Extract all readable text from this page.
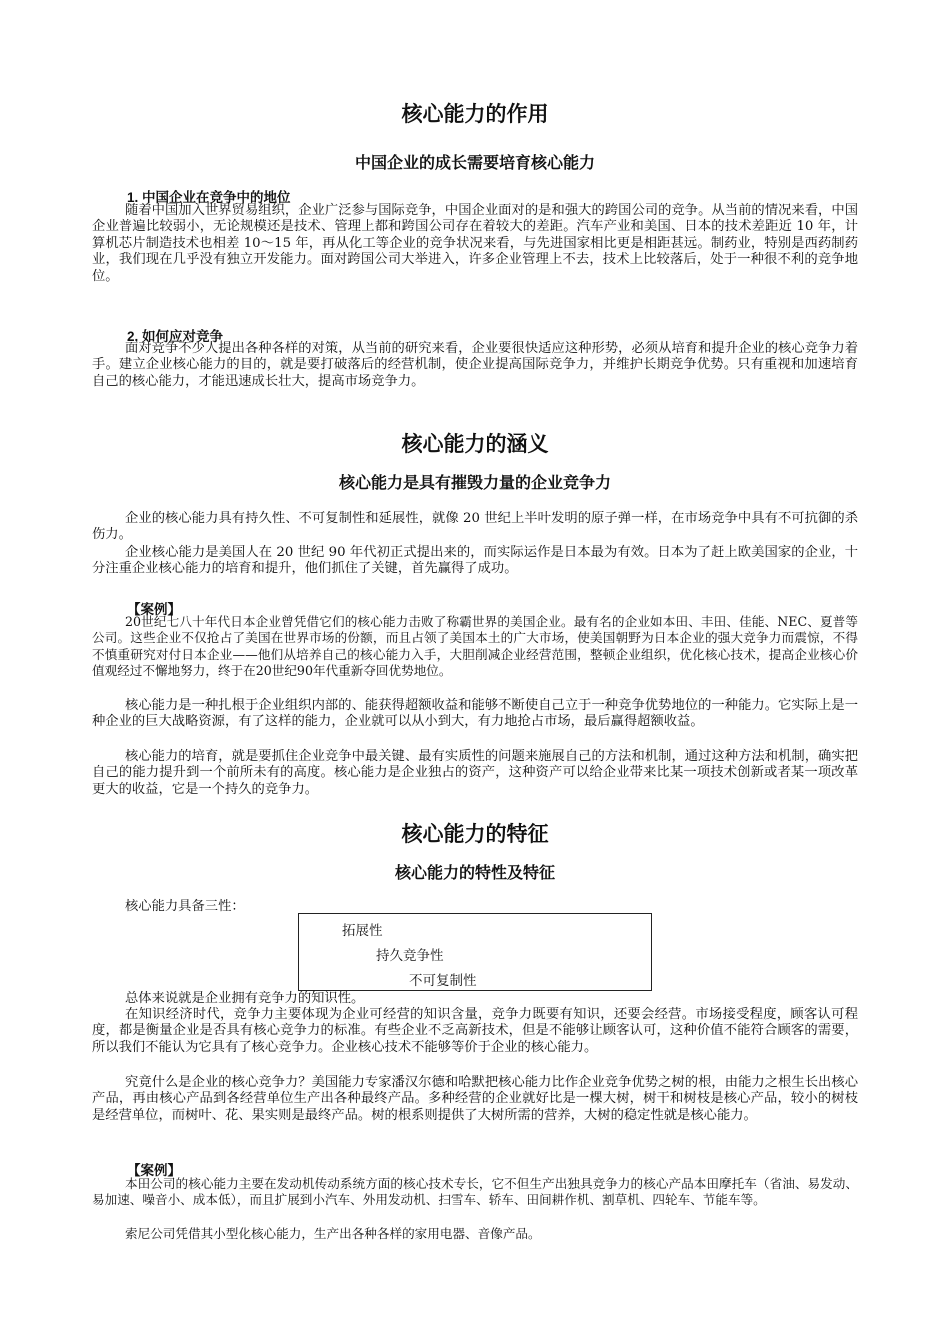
核心能力的作用
中国企业的成长需要培育核心能力
1. 中国企业在竞争中的地位

随着中国加入世界贸易组织，企业广泛参与国际竞争，中国企业面对的是和强大的跨国公司的竞争。从当前的情况来看，中国企业普遍比较弱小，无论规模还是技术、管理上都和跨国公司存在着较大的差距。汽车产业和美国、日本的技术差距近 10 年，计算机芯片制造技术也相差 10～15 年，再从化工等企业的竞争状况来看，与先进国家相比更是相距甚远。制药业，特别是西药制药业，我们现在几乎没有独立开发能力。面对跨国公司大举进入，许多企业管理上不去，技术上比较落后，处于一种很不利的竞争地位。

2. 如何应对竞争

面对竞争不少人提出各种各样的对策，从当前的研究来看，企业要很快适应这种形势，必须从培育和提升企业的核心竞争力着手。建立企业核心能力的目的，就是要打破落后的经营机制，使企业提高国际竞争力，并维护长期竞争优势。只有重视和加速培育自己的核心能力，才能迅速成长壮大，提高市场竞争力。

核心能力的涵义
核心能力是具有摧毁力量的企业竞争力

企业的核心能力具有持久性、不可复制性和延展性，就像 20 世纪上半叶发明的原子弹一样，在市场竞争中具有不可抗御的杀伤力。

企业核心能力是美国人在 20 世纪 90 年代初正式提出来的，而实际运作是日本最为有效。日本为了赶上欧美国家的企业，十分注重企业核心能力的培育和提升，他们抓住了关键，首先赢得了成功。

【案例】

20世纪七八十年代日本企业曾凭借它们的核心能力击败了称霸世界的美国企业。最有名的企业如本田、丰田、佳能、NEC、夏普等公司。这些企业不仅抢占了美国在世界市场的份额，而且占领了美国本土的广大市场，使美国朝野为日本企业的强大竞争力而震惊，不得不慎重研究对付日本企业——他们从培养自己的核心能力入手，大胆削减企业经营范围，整顿企业组织，优化核心技术，提高企业核心价值观经过不懈地努力，终于在20世纪90年代重新夺回优势地位。

核心能力是一种扎根于企业组织内部的、能获得超额收益和能够不断使自己立于一种竞争优势地位的一种能力。它实际上是一种企业的巨大战略资源，有了这样的能力，企业就可以从小到大，有力地抢占市场，最后赢得超额收益。

核心能力的培育，就是要抓住企业竞争中最关键、最有实质性的问题来施展自己的方法和机制，通过这种方法和机制，确实把自己的能力提升到一个前所未有的高度。核心能力是企业独占的资产，这种资产可以给企业带来比某一项技术创新或者某一项改革更大的收益，它是一个持久的竞争力。

核心能力的特征
核心能力的特性及特征
核心能力具备三性：
拓展性
持久竞争性
不可复制性

总体来说就是企业拥有竞争力的知识性。

在知识经济时代，竞争力主要体现为企业可经营的知识含量，竞争力既要有知识，还要会经营。市场接受程度，顾客认可程度，都是衡量企业是否具有核心竞争力的标准。有些企业不乏高新技术，但是不能够让顾客认可，这种价值不能符合顾客的需要，所以我们不能认为它具有了核心竞争力。企业核心技术不能够等价于企业的核心能力。

究竟什么是企业的核心竞争力？美国能力专家潘汉尔德和哈默把核心能力比作企业竞争优势之树的根，由能力之根生长出核心产品，再由核心产品到各经营单位生产出各种最终产品。多种经营的企业就好比是一棵大树，树干和树枝是核心产品，较小的树枝是经营单位，而树叶、花、果实则是最终产品。树的根系则提供了大树所需的营养，大树的稳定性就是核心能力。

【案例】

本田公司的核心能力主要在发动机传动系统方面的核心技术专长，它不但生产出独具竞争力的核心产品本田摩托车（省油、易发动、易加速、噪音小、成本低），而且扩展到小汽车、外用发动机、扫雪车、轿车、田间耕作机、割草机、四轮车、节能车等。

索尼公司凭借其小型化核心能力，生产出各种各样的家用电器、音像产品。
